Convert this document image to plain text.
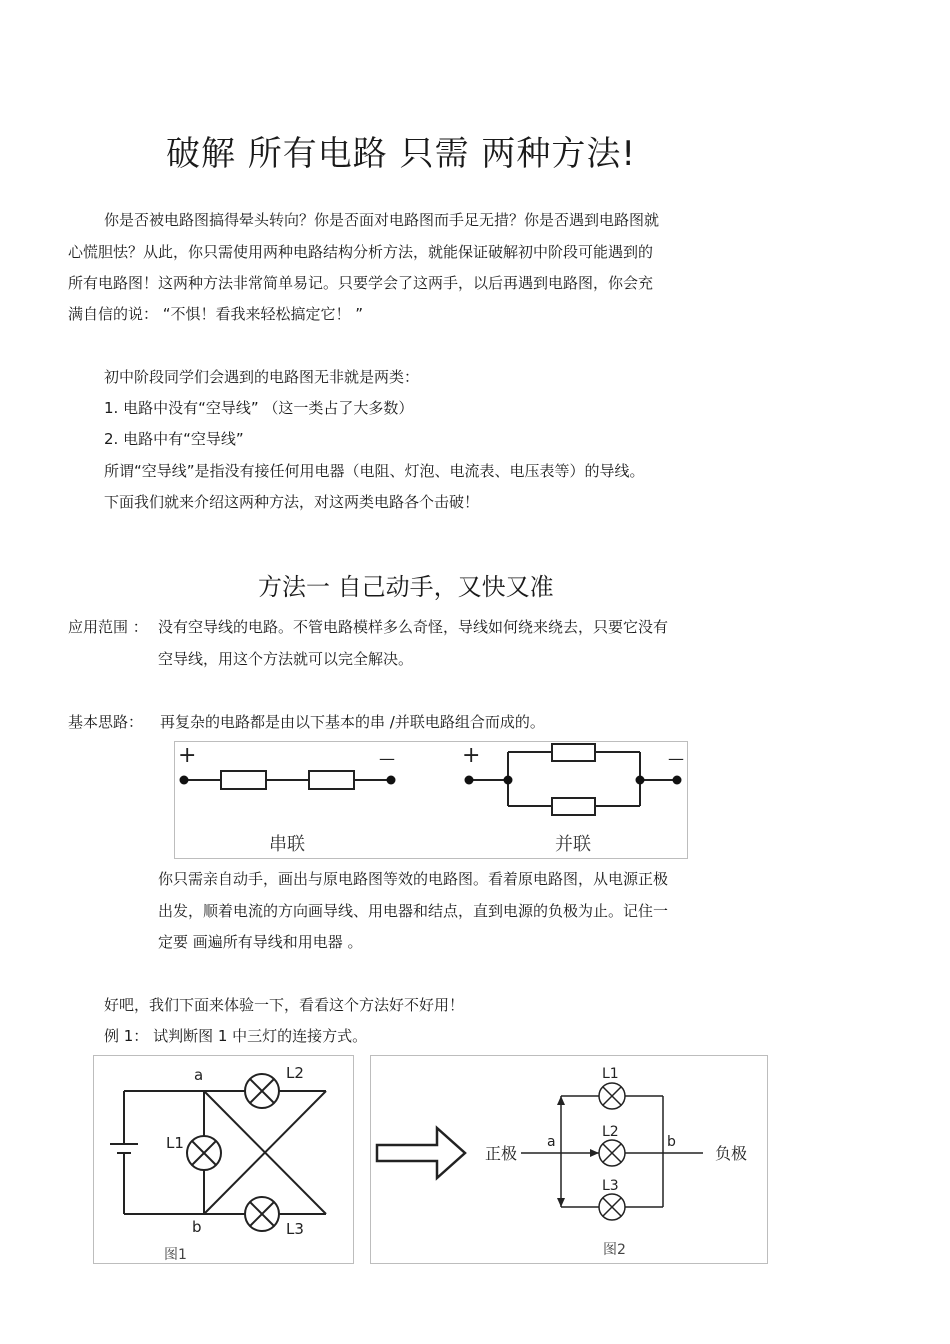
破解 所有电路 只需 两种方法!
你是否被电路图搞得晕头转向？你是否面对电路图而手足无措？你是否遇到电路图就
心慌胆怯？从此，你只需使用两种电路结构分析方法，就能保证破解初中阶段可能遇到的
所有电路图！这两种方法非常简单易记。只要学会了这两手，以后再遇到电路图，你会充
满自信的说： “不惧！看我来轻松搞定它！ ”
初中阶段同学们会遇到的电路图无非就是两类：
1. 电路中没有“空导线” （这一类占了大多数）
2. 电路中有“空导线”
所谓“空导线”是指没有接任何用电器（电阻、灯泡、电流表、电压表等）的导线。
下面我们就来介绍这两种方法，对这两类电路各个击破！
方法一 自己动手，又快又准
应用范围 ： 没有空导线的电路。不管电路模样多么奇怪，导线如何绕来绕去，只要它没有
空导线，用这个方法就可以完全解决。
基本思路： 再复杂的电路都是由以下基本的串 /并联电路组合而成的。
+	—
串联
+	—
并联
你只需亲自动手，画出与原电路图等效的电路图。看着原电路图，从电源正极
出发，顺着电流的方向画导线、用电器和结点，直到电源的负极为止。记住一
定要 画遍所有导线和用电器 。
好吧，我们下面来体验一下，看看这个方法好不好用！
例 1： 试判断图 1 中三灯的连接方式。
a
b
L1
L2
L3
图1
正极	负极
a	b
L1
L2
L3
图2
